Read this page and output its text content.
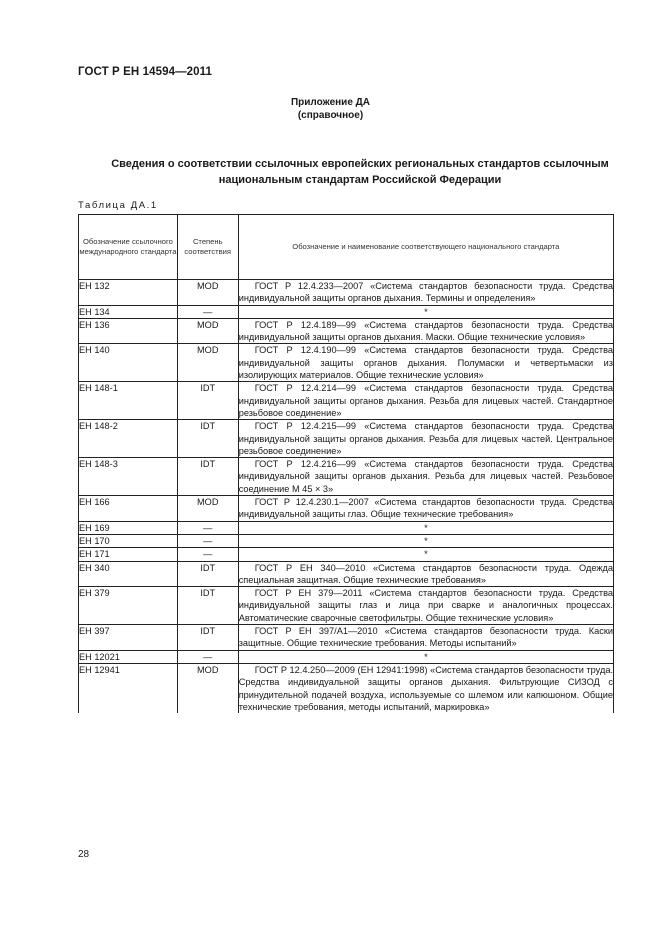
ГОСТ Р ЕН 14594—2011
Приложение ДА
(справочное)
Сведения о соответствии ссылочных европейских региональных стандартов ссылочным
национальным стандартам Российской Федерации
Таблица ДА.1
Обозначение ссылочного международного стандарта	Степень соответствия	Обозначение и наименование соответствующего национального стандарта
ЕН 132	MOD	ГОСТ Р 12.4.233—2007 «Система стандартов безопасности труда. Средства индивидуальной защиты органов дыхания. Термины и определения»
ЕН 134	—	*
ЕН 136	MOD	ГОСТ Р 12.4.189—99 «Система стандартов безопасности труда. Средства индивидуальной защиты органов дыхания. Маски. Общие технические условия»
ЕН 140	MOD	ГОСТ Р 12.4.190—99 «Система стандартов безопасности труда. Средства индивидуальной защиты органов дыхания. Полумаски и четвертьмаски из изолирующих материалов. Общие технические условия»
ЕН 148-1	IDT	ГОСТ Р 12.4.214—99 «Система стандартов безопасности труда. Средства индивидуальной защиты органов дыхания. Резьба для лицевых частей. Стандартное резьбовое соединение»
ЕН 148-2	IDT	ГОСТ Р 12.4.215—99 «Система стандартов безопасности труда. Средства индивидуальной защиты органов дыхания. Резьба для лицевых частей. Центральное резьбовое соединение»
ЕН 148-3	IDT	ГОСТ Р 12.4.216—99 «Система стандартов безопасности труда. Средства индивидуальной защиты органов дыхания. Резьба для лицевых частей. Резьбовое соединение М 45 × 3»
ЕН 166	MOD	ГОСТ Р 12.4.230.1—2007 «Система стандартов безопасности труда. Средства индивидуальной защиты глаз. Общие технические требования»
ЕН 169	—	*
ЕН 170	—	*
ЕН 171	—	*
ЕН 340	IDT	ГОСТ Р ЕН 340—2010 «Система стандартов безопасности труда. Одежда специальная защитная. Общие технические требования»
ЕН 379	IDT	ГОСТ Р ЕН 379—2011 «Система стандартов безопасности труда. Средства индивидуальной защиты глаз и лица при сварке и аналогичных процессах. Автоматические сварочные светофильтры. Общие технические условия»
ЕН 397	IDT	ГОСТ Р ЕН 397/А1—2010 «Система стандартов безопасности труда. Каски защитные. Общие технические требования. Методы испытаний»
ЕН 12021	—	*
ЕН 12941	MOD	ГОСТ Р 12.4.250—2009 (ЕН 12941:1998) «Система стандартов безопасности труда. Средства индивидуальной защиты органов дыхания. Фильтрующие СИЗОД с принудительной подачей воздуха, используемые со шлемом или капюшоном. Общие технические требования, методы испытаний, маркировка»
28
